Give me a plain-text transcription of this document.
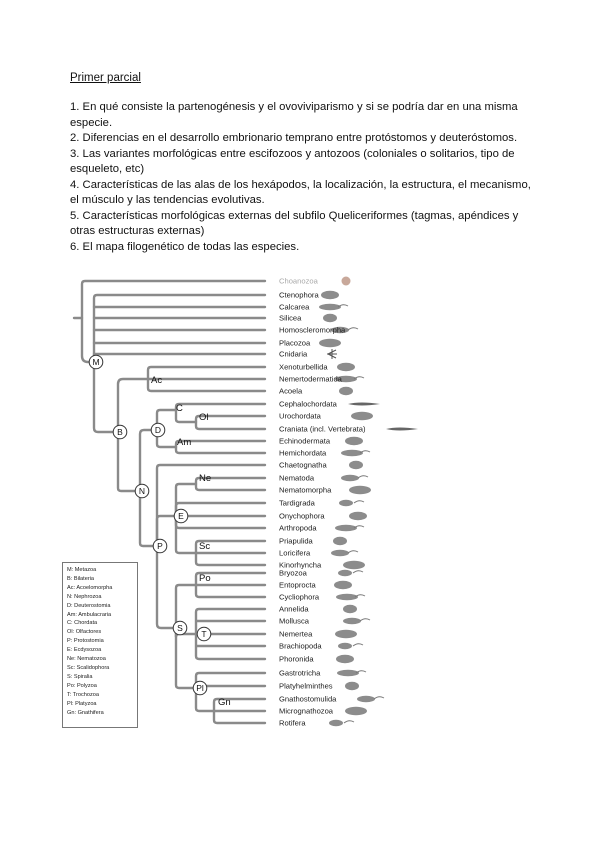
Primer parcial
1. En qué consiste la partenogénesis y el ovoviviparismo y si se podría dar en una misma especie.
2. Diferencias en el desarrollo embrionario temprano entre protóstomos y deuteróstomos.
3. Las variantes morfológicas entre escifozoos y antozoos (coloniales o solitarios, tipo de esqueleto, etc)
4. Características de las alas de los hexápodos, la localización, la estructura, el mecanismo, el músculo y las tendencias evolutivas.
5. Características morfológicas externas del subfilo Queliceriformes (tagmas, apéndices y otras estructuras externas)
6. El mapa filogenético de todas las especies.
Choanozoa
Ctenophora
Calcarea
Silicea
Homoscleromorpha
Placozoa
Cnidaria
Xenoturbellida
Nemertodermatida
Acoela
Cephalochordata
Urochordata
Craniata (incl. Vertebrata)
Echinodermata
Hemichordata
Chaetognatha
Nematoda
Nematomorpha
Tardigrada
Onychophora
Arthropoda
Priapulida
Loricifera
Kinorhyncha
Bryozoa
Entoprocta
Cycliophora
Annelida
Mollusca
Nemertea
Brachiopoda
Phoronida
Gastrotricha
Platyhelminthes
Gnathostomulida
Micrognathozoa
Rotifera
M
B
N
D
P
E
S
T
Pl
Ac
C
Ol
Am
Ne
Sc
Po
Gn
M: Metazoa
B: Bilateria
Ac: Acoelomorpha
N: Nephrozoa
D: Deuterostomia
Am: Ambulacraria
C: Chordata
Ol: Olfactores
P: Protostomia
E: Ecdysozoa
Ne: Nematozoa
Sc: Scalidophora
S: Spiralia
Po: Polyzoa
T: Trochozoa
Pl: Platyzoa
Gn: Gnathifera
